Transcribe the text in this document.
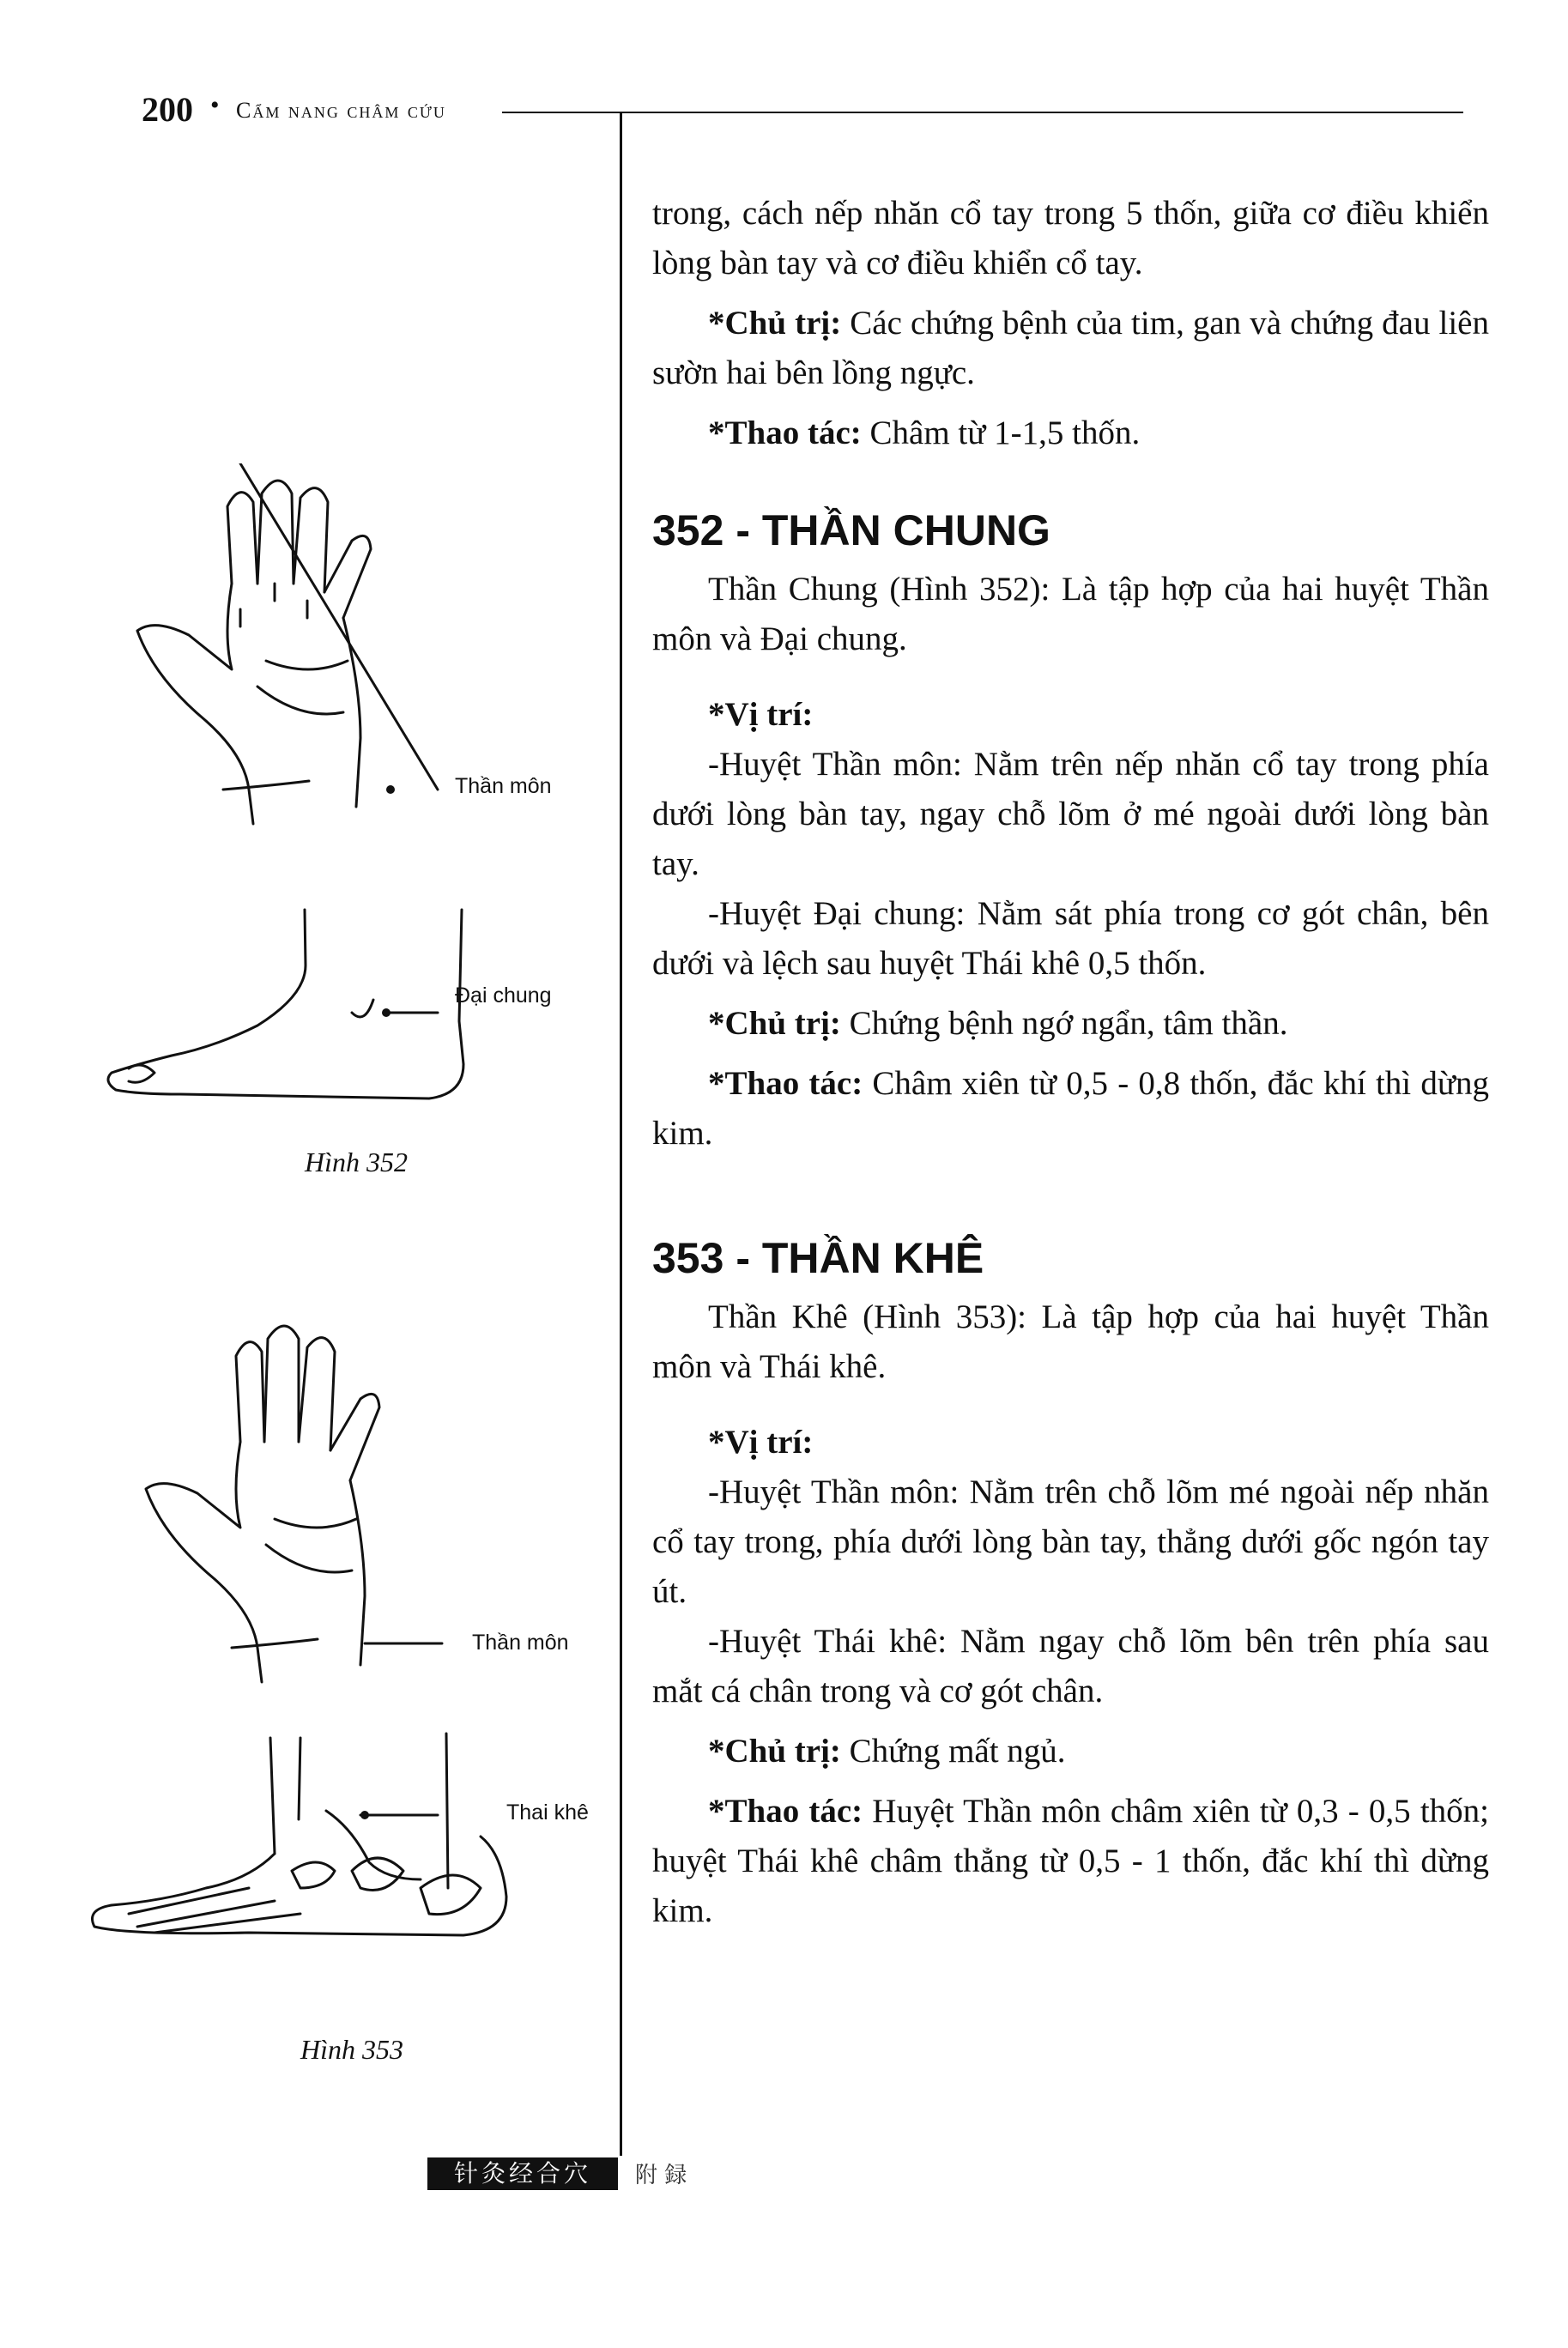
200 • Cẩm nang châm cứu
Thần môn
Đại chung
Hình 352
Thần môn
Thai khê
Hình 353

trong, cách nếp nhăn cổ tay trong 5 thốn, giữa cơ điều khiển lòng bàn tay và cơ điều khiển cổ tay.

*Chủ trị: Các chứng bệnh của tim, gan và chứng đau liên sườn hai bên lồng ngực.

*Thao tác: Châm từ 1-1,5 thốn.

352 - THẦN CHUNG

Thần Chung (Hình 352): Là tập hợp của hai huyệt Thần môn và Đại chung.

*Vị trí:

-Huyệt Thần môn: Nằm trên nếp nhăn cổ tay trong phía dưới lòng bàn tay, ngay chỗ lõm ở mé ngoài dưới lòng bàn tay.

-Huyệt Đại chung: Nằm sát phía trong cơ gót chân, bên dưới và lệch sau huyệt Thái khê 0,5 thốn.

*Chủ trị: Chứng bệnh ngớ ngẩn, tâm thần.

*Thao tác: Châm xiên từ 0,5 - 0,8 thốn, đắc khí thì dừng kim.

353 - THẦN KHÊ

Thần Khê (Hình 353): Là tập hợp của hai huyệt Thần môn và Thái khê.

*Vị trí:

-Huyệt Thần môn: Nằm trên chỗ lõm mé ngoài nếp nhăn cổ tay trong, phía dưới lòng bàn tay, thẳng dưới gốc ngón tay út.

-Huyệt Thái khê: Nằm ngay chỗ lõm bên trên phía sau mắt cá chân trong và cơ gót chân.

*Chủ trị: Chứng mất ngủ.

*Thao tác: Huyệt Thần môn châm xiên từ 0,3 - 0,5 thốn; huyệt Thái khê châm thẳng từ 0,5 - 1 thốn, đắc khí thì dừng kim.

针灸经合穴	附 録
